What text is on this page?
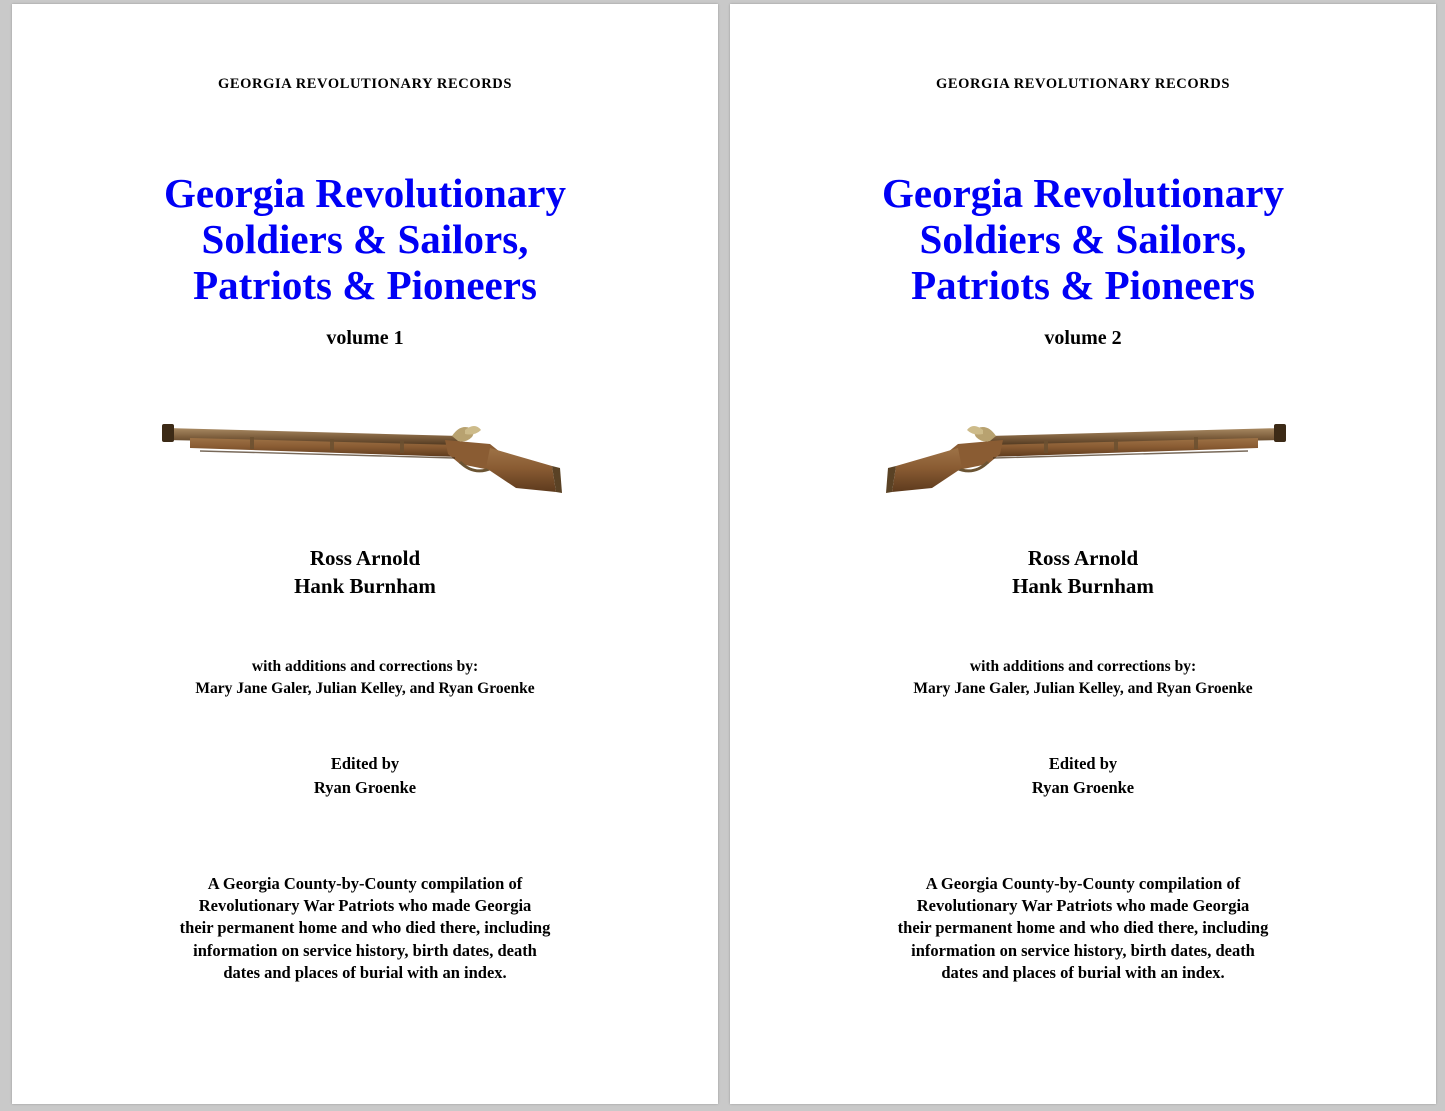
GEORGIA REVOLUTIONARY RECORDS
Georgia Revolutionary
Soldiers & Sailors,
Patriots & Pioneers
volume 1
Ross Arnold
Hank Burnham
with additions and corrections by:
Mary Jane Galer, Julian Kelley, and Ryan Groenke
Edited by
Ryan Groenke
A Georgia County-by-County compilation of
Revolutionary War Patriots who made Georgia
their permanent home and who died there, including
information on service history, birth dates, death
dates and places of burial with an index.
GEORGIA REVOLUTIONARY RECORDS
Georgia Revolutionary
Soldiers & Sailors,
Patriots & Pioneers
volume 2
Ross Arnold
Hank Burnham
with additions and corrections by:
Mary Jane Galer, Julian Kelley, and Ryan Groenke
Edited by
Ryan Groenke
A Georgia County-by-County compilation of
Revolutionary War Patriots who made Georgia
their permanent home and who died there, including
information on service history, birth dates, death
dates and places of burial with an index.
